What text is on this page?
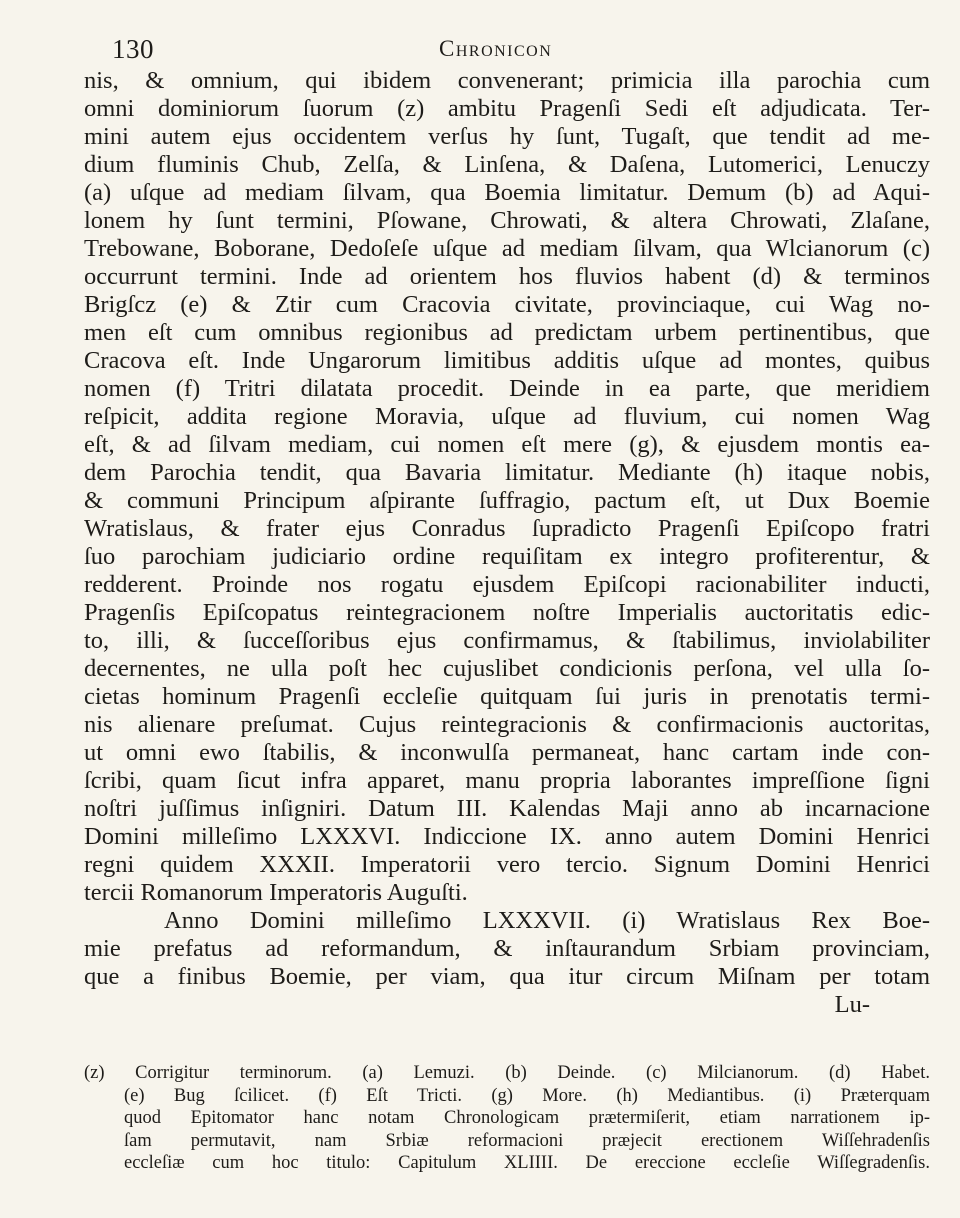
130	Chronicon
nis, & omnium, qui ibidem convenerant; primicia illa parochia cum
omni dominiorum ſuorum (z) ambitu Pragenſi Sedi eſt adjudicata. Ter-
mini autem ejus occidentem verſus hy ſunt, Tugaſt, que tendit ad me-
dium fluminis Chub, Zelſa, & Linſena, & Daſena, Lutomerici, Lenuczy
(a) uſque ad mediam ſilvam, qua Boemia limitatur. Demum (b) ad Aqui-
lonem hy ſunt termini, Pſowane, Chrowati, & altera Chrowati, Zlaſane,
Trebowane, Boborane, Dedoſeſe uſque ad mediam ſilvam, qua Wlcianorum (c)
occurrunt termini. Inde ad orientem hos fluvios habent (d) & terminos
Brigſcz (e) & Ztir cum Cracovia civitate, provinciaque, cui Wag no-
men eſt cum omnibus regionibus ad predictam urbem pertinentibus, que
Cracova eſt. Inde Ungarorum limitibus additis uſque ad montes, quibus
nomen (f) Tritri dilatata procedit. Deinde in ea parte, que meridiem
reſpicit, addita regione Moravia, uſque ad fluvium, cui nomen Wag
eſt, & ad ſilvam mediam, cui nomen eſt mere (g), & ejusdem montis ea-
dem Parochia tendit, qua Bavaria limitatur. Mediante (h) itaque nobis,
& communi Principum aſpirante ſuffragio, pactum eſt, ut Dux Boemie
Wratislaus, & frater ejus Conradus ſupradicto Pragenſi Epiſcopo fratri
ſuo parochiam judiciario ordine requiſitam ex integro profiterentur, &
redderent. Proinde nos rogatu ejusdem Epiſcopi racionabiliter inducti,
Pragenſis Epiſcopatus reintegracionem noſtre Imperialis auctoritatis edic-
to, illi, & ſucceſſoribus ejus confirmamus, & ſtabilimus, inviolabiliter
decernentes, ne ulla poſt hec cujuslibet condicionis perſona, vel ulla ſo-
cietas hominum Pragenſi eccleſie quitquam ſui juris in prenotatis termi-
nis alienare preſumat. Cujus reintegracionis & confirmacionis auctoritas,
ut omni ewo ſtabilis, & inconwulſa permaneat, hanc cartam inde con-
ſcribi, quam ſicut infra apparet, manu propria laborantes impreſſione ſigni
noſtri juſſimus inſigniri. Datum III. Kalendas Maji anno ab incarnacione
Domini milleſimo LXXXVI. Indiccione IX. anno autem Domini Henrici
regni quidem XXXII. Imperatorii vero tercio. Signum Domini Henrici
tercii Romanorum Imperatoris Auguſti.
Anno Domini milleſimo LXXXVII. (i) Wratislaus Rex Boe-
mie prefatus ad reformandum, & inſtaurandum Srbiam provinciam,
que a finibus Boemie, per viam, qua itur circum Miſnam per totam
Lu-
(z) Corrigitur terminorum. (a) Lemuzi. (b) Deinde. (c) Milcianorum. (d) Habet.
(e) Bug ſcilicet. (f) Eſt Tricti. (g) More. (h) Mediantibus. (i) Præterquam
quod Epitomator hanc notam Chronologicam prætermiſerit, etiam narrationem ip-
ſam permutavit, nam Srbiæ reformacioni præjecit erectionem Wiſſehradenſis
eccleſiæ cum hoc titulo: Capitulum XLIIII. De ereccione eccleſie Wiſſegradenſis.
